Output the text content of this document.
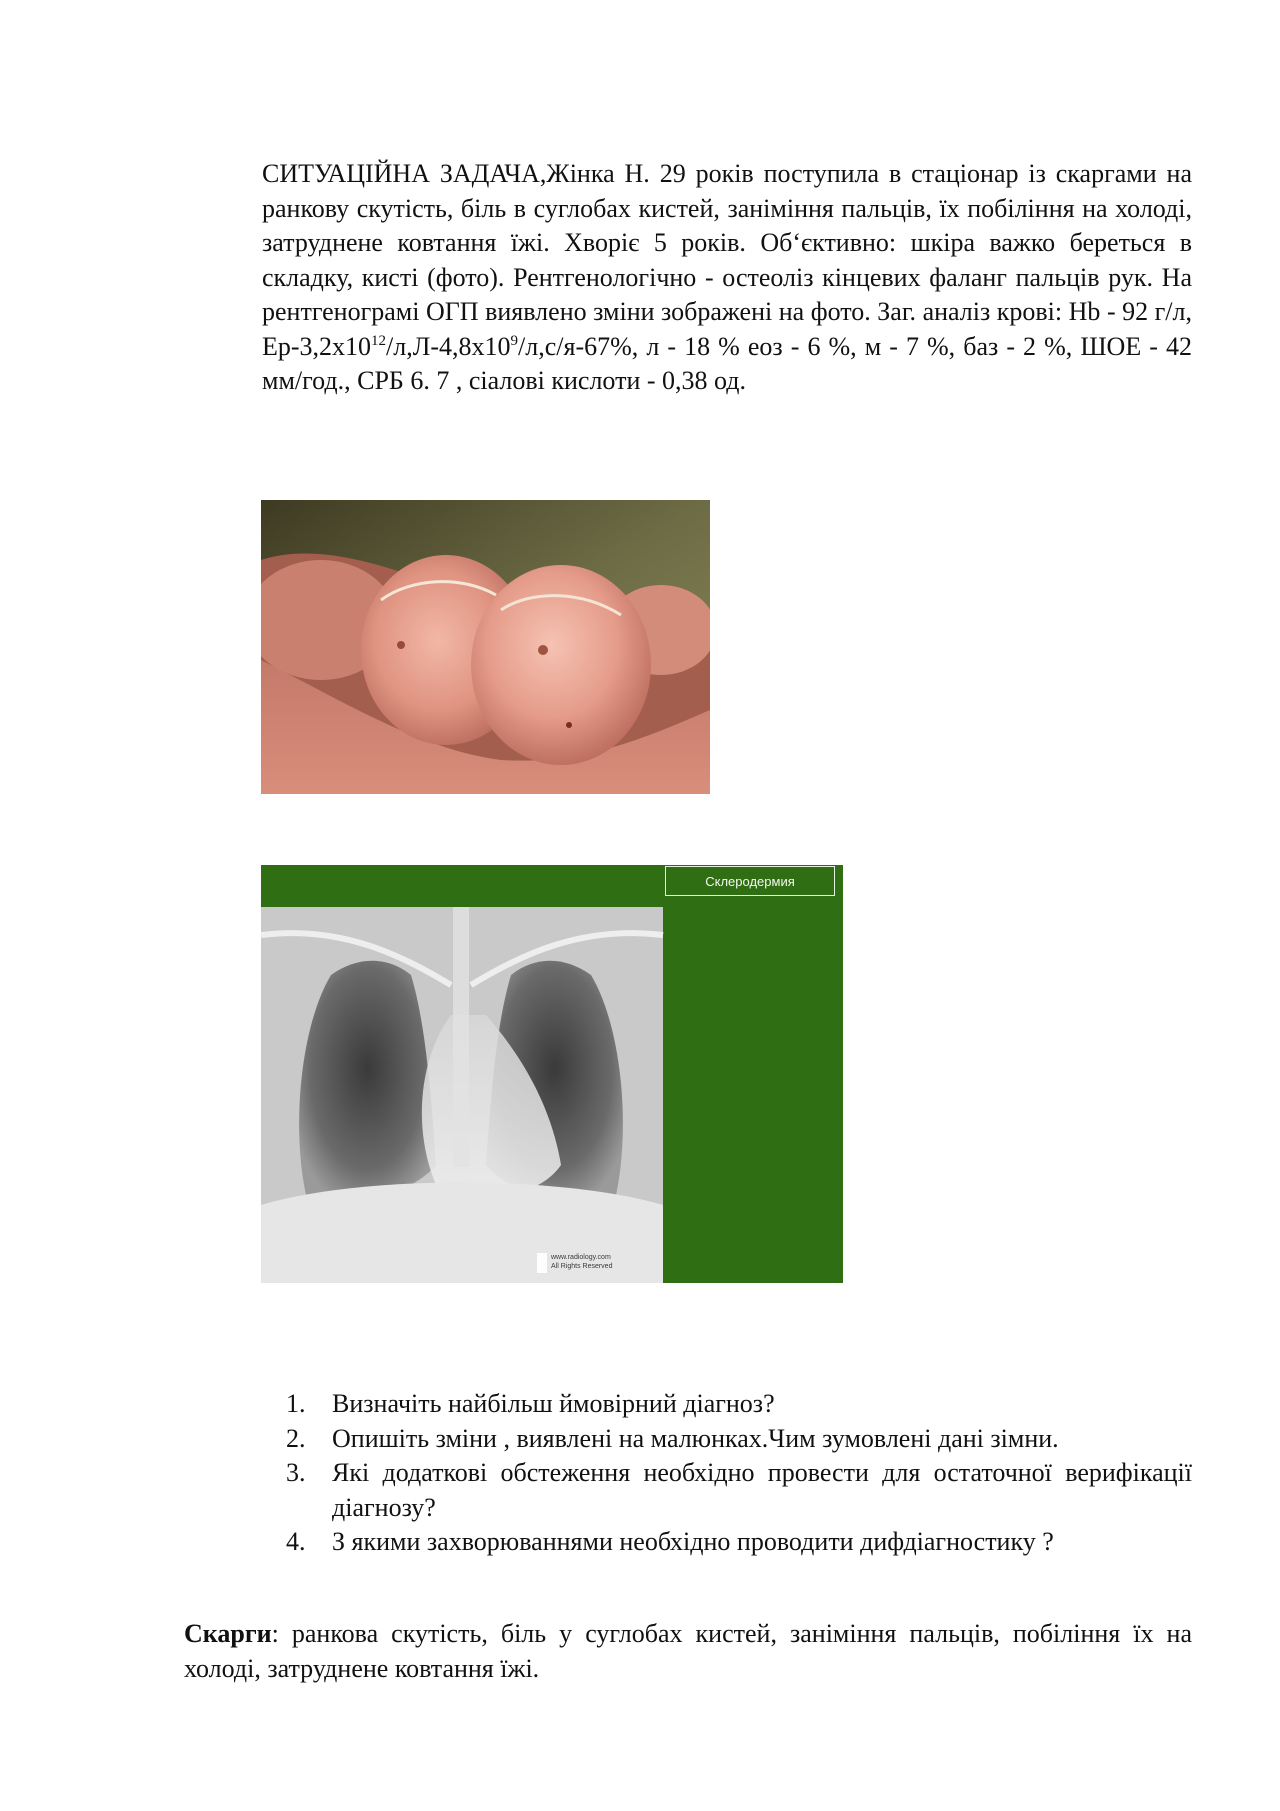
СИТУАЦІЙНА ЗАДАЧА,Жінка Н. 29 років поступила в стаціонар із скаргами на ранкову скутість, біль в суглобах кистей, заніміння пальців, їх побіління на холоді, затруднене ковтання їжі. Хворіє 5 років. Об‘єктивно: шкіра важко береться в складку, кисті (фото). Рентгенологічно - остеоліз кінцевих фаланг пальців рук. На рентгенограмі ОГП виявлено змiни зображені на фото. Заг. аналіз крові: Hb - 92 г/л, $Ер-3,2х10^{12}/л,Л-4,8х10^9/л,с/я-67\%$, л - 18 % еоз - 6 %, м - 7 %, баз - 2 %, ШОЕ - 42 мм/год., СРБ 6. 7 , сіалові кислоти - 0,38 од.

Склеродермия
www.radiology.com
All Rights Reserved
1. Визначіть найбільш ймовірний діагноз?
2. Опишіть зміни , виявлені на малюнках.Чим зумовлені дані зімни.
3. Які додаткові обстеження необхідно провести для остаточної верифікації діагнозу?
4. З якими захворюваннями необхідно проводити дифдіагностику ?

Скарги: ранкова скутість, біль у суглобах кистей, заніміння пальців, побіління їх на холоді, затруднене ковтання їжі.
